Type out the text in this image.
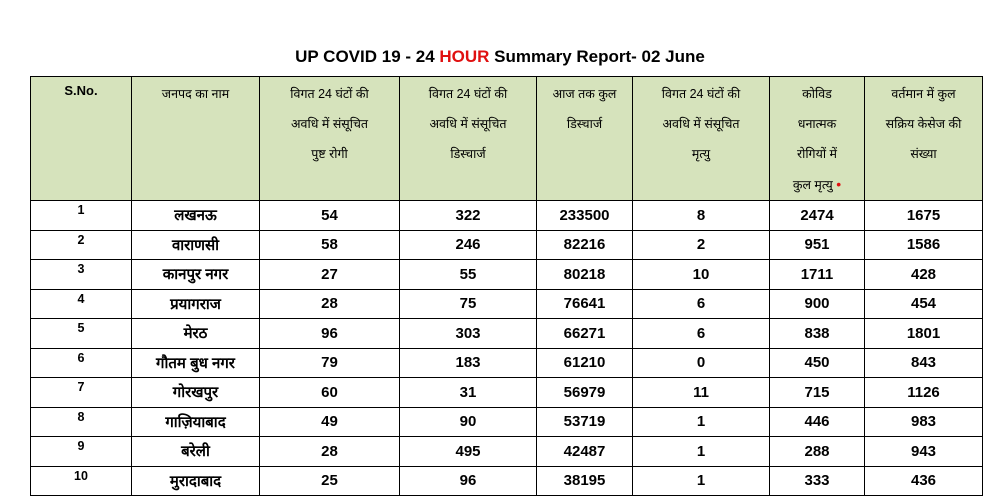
UP COVID 19 - 24 HOUR Summary Report- 02 June
S.No.	जनपद का नाम	विगत 24 घंटों की
अवधि में संसूचित
पुष्ट रोगी	विगत 24 घंटों की
अवधि में संसूचित
डिस्चार्ज	आज तक कुल
डिस्चार्ज	विगत 24 घंटों की
अवधि में संसूचित
मृत्यु	कोविड
धनात्मक
रोगियों में
कुल मृत्यु •	वर्तमान में कुल
सक्रिय केसेज की
संख्या

1	लखनऊ	54	322	233500	8	2474	1675
2	वाराणसी	58	246	82216	2	951	1586
3	कानपुर नगर	27	55	80218	10	1711	428
4	प्रयागराज	28	75	76641	6	900	454
5	मेरठ	96	303	66271	6	838	1801
6	गौतम बुध नगर	79	183	61210	0	450	843
7	गोरखपुर	60	31	56979	11	715	1126
8	गाज़ियाबाद	49	90	53719	1	446	983
9	बरेली	28	495	42487	1	288	943
10	मुरादाबाद	25	96	38195	1	333	436
